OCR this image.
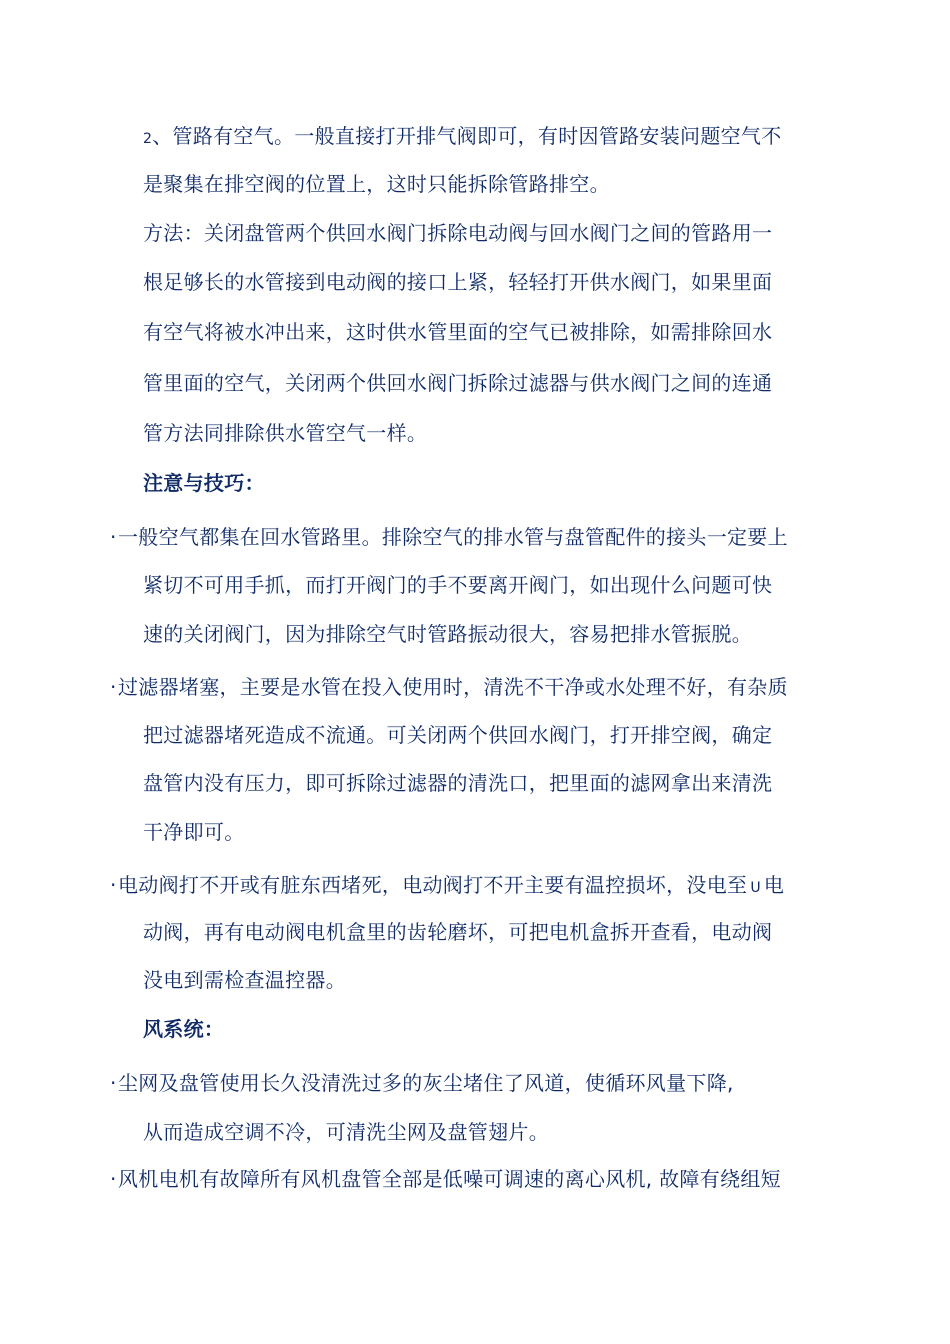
2、管路有空气。一般直接打开排气阀即可，有时因管路安装问题空气不
是聚集在排空阀的位置上，这时只能拆除管路排空。
方法：关闭盘管两个供回水阀门拆除电动阀与回水阀门之间的管路用一
根足够长的水管接到电动阀的接口上紧，轻轻打开供水阀门，如果里面
有空气将被水冲出来，这时供水管里面的空气已被排除，如需排除回水
管里面的空气，关闭两个供回水阀门拆除过滤器与供水阀门之间的连通
管方法同排除供水管空气一样。
注意与技巧：
· 一般空气都集在回水管路里。排除空气的排水管与盘管配件的接头一定要上
紧切不可用手抓，而打开阀门的手不要离开阀门，如出现什么问题可快
速的关闭阀门，因为排除空气时管路振动很大，容易把排水管振脱。
· 过滤器堵塞，主要是水管在投入使用时，清洗不干净或水处理不好，有杂质
把过滤器堵死造成不流通。可关闭两个供回水阀门，打开排空阀，确定
盘管内没有压力，即可拆除过滤器的清洗口，把里面的滤网拿出来清洗
干净即可。
· 电动阀打不开或有脏东西堵死，电动阀打不开主要有温控损坏，没电至 U 电
动阀，再有电动阀电机盒里的齿轮磨坏，可把电机盒拆开查看，电动阀
没电到需检查温控器。
风系统：
· 尘网及盘管使用长久没清洗过多的灰尘堵住了风道，使循环风量下降,
从而造成空调不冷，可清洗尘网及盘管翅片。
· 风机电机有故障所有风机盘管全部是低噪可调速的离心风机, 故障有绕组短
